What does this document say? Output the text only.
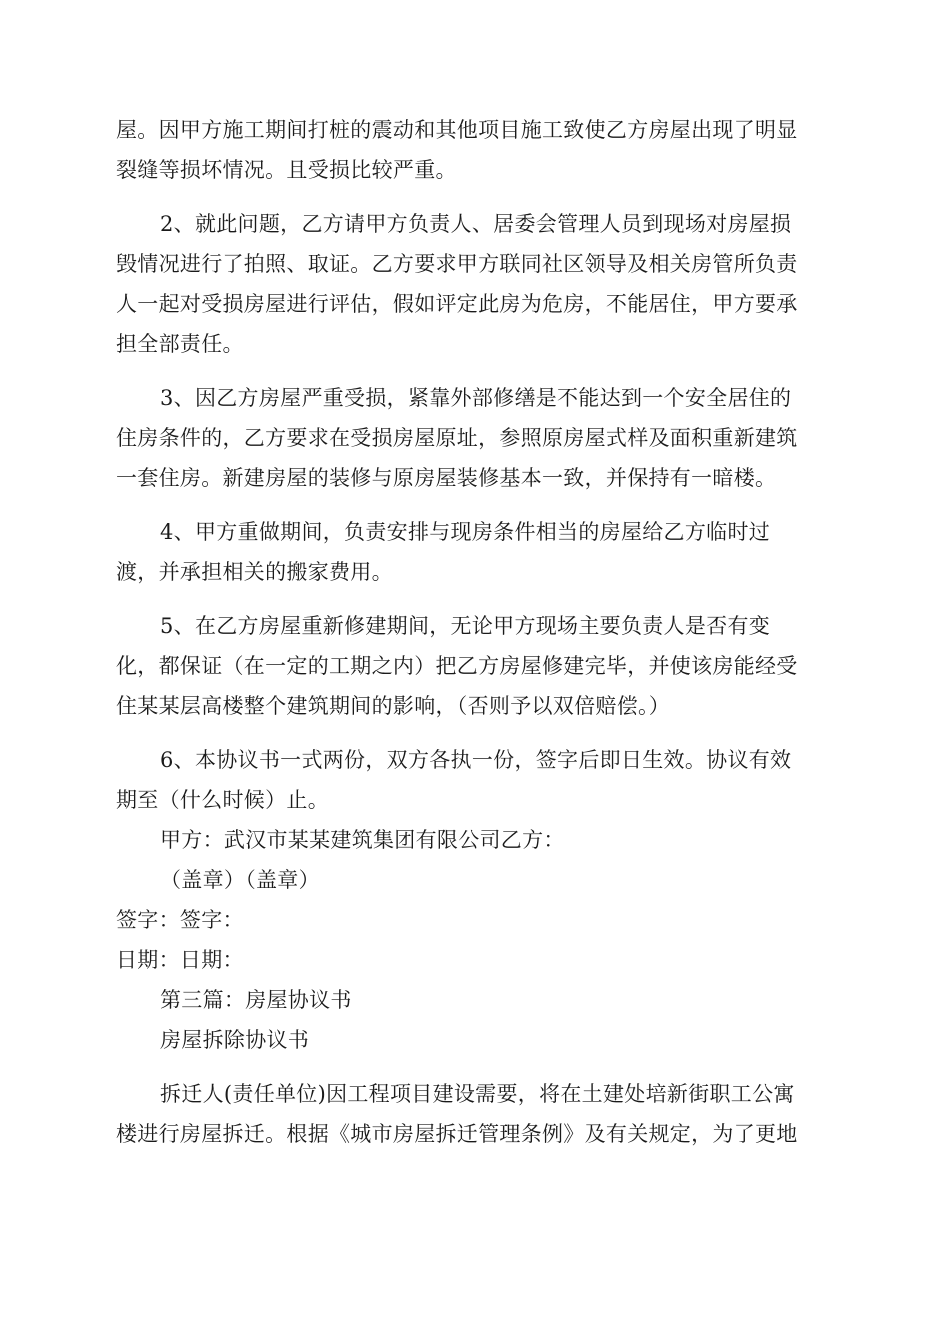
屋。因甲方施工期间打桩的震动和其他项目施工致使乙方房屋出现了明显
裂缝等损坏情况。且受损比较严重。

2、就此问题，乙方请甲方负责人、居委会管理人员到现场对房屋损
毁情况进行了拍照、取证。乙方要求甲方联同社区领导及相关房管所负责
人一起对受损房屋进行评估，假如评定此房为危房，不能居住，甲方要承
担全部责任。

3、因乙方房屋严重受损，紧靠外部修缮是不能达到一个安全居住的
住房条件的，乙方要求在受损房屋原址，参照原房屋式样及面积重新建筑
一套住房。新建房屋的装修与原房屋装修基本一致，并保持有一暗楼。

4、甲方重做期间，负责安排与现房条件相当的房屋给乙方临时过
渡，并承担相关的搬家费用。

5、在乙方房屋重新修建期间，无论甲方现场主要负责人是否有变
化，都保证（在一定的工期之内）把乙方房屋修建完毕，并使该房能经受
住某某层高楼整个建筑期间的影响，（否则予以双倍赔偿。）

6、本协议书一式两份，双方各执一份，签字后即日生效。协议有效
期至（什么时候）止。

甲方：武汉市某某建筑集团有限公司乙方：

（盖章）（盖章）

签字：签字：

日期：日期：

第三篇：房屋协议书

房屋拆除协议书

拆迁人(责任单位)因工程项目建设需要，将在土建处培新街职工公寓
楼进行房屋拆迁。根据《城市房屋拆迁管理条例》及有关规定，为了更地
